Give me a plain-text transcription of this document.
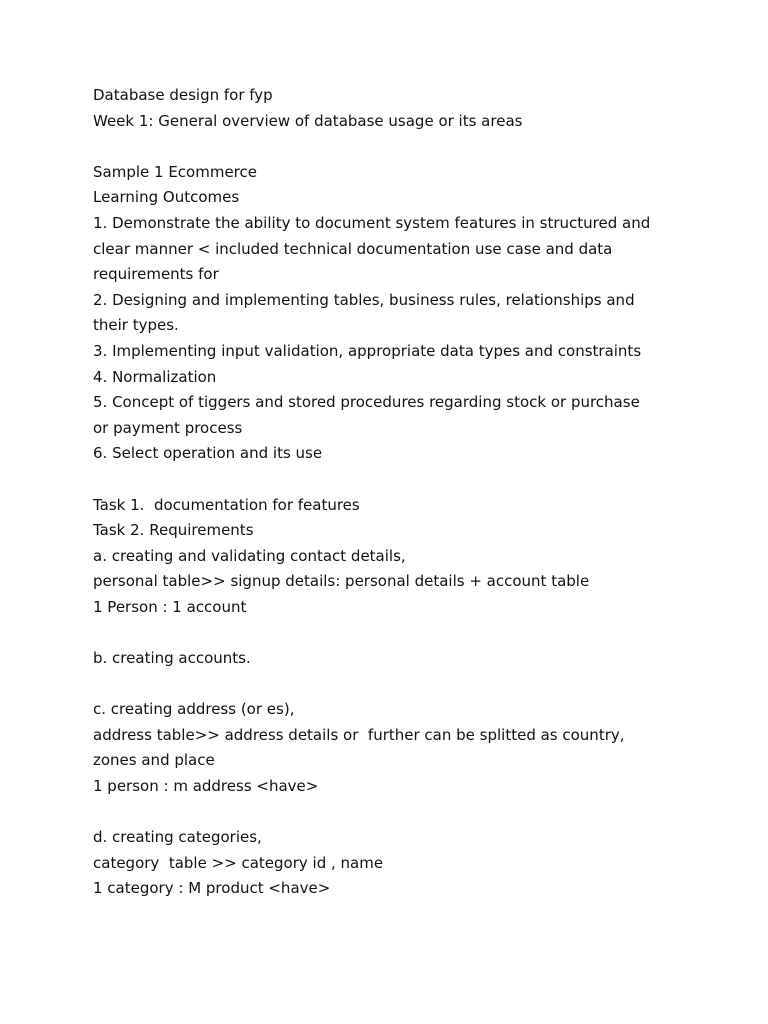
Database design for fyp
Week 1: General overview of database usage or its areas
Sample 1 Ecommerce
Learning Outcomes
1. Demonstrate the ability to document system features in structured and
clear manner < included technical documentation use case and data
requirements for
2. Designing and implementing tables, business rules, relationships and
their types.
3. Implementing input validation, appropriate data types and constraints
4. Normalization
5. Concept of tiggers and stored procedures regarding stock or purchase
or payment process
6. Select operation and its use
Task 1.  documentation for features
Task 2. Requirements
a. creating and validating contact details,
personal table>> signup details: personal details + account table
1 Person : 1 account
b. creating accounts.
c. creating address (or es),
address table>> address details or  further can be splitted as country,
zones and place
1 person : m address <have>
d. creating categories,
category  table >> category id , name
1 category : M product <have>
